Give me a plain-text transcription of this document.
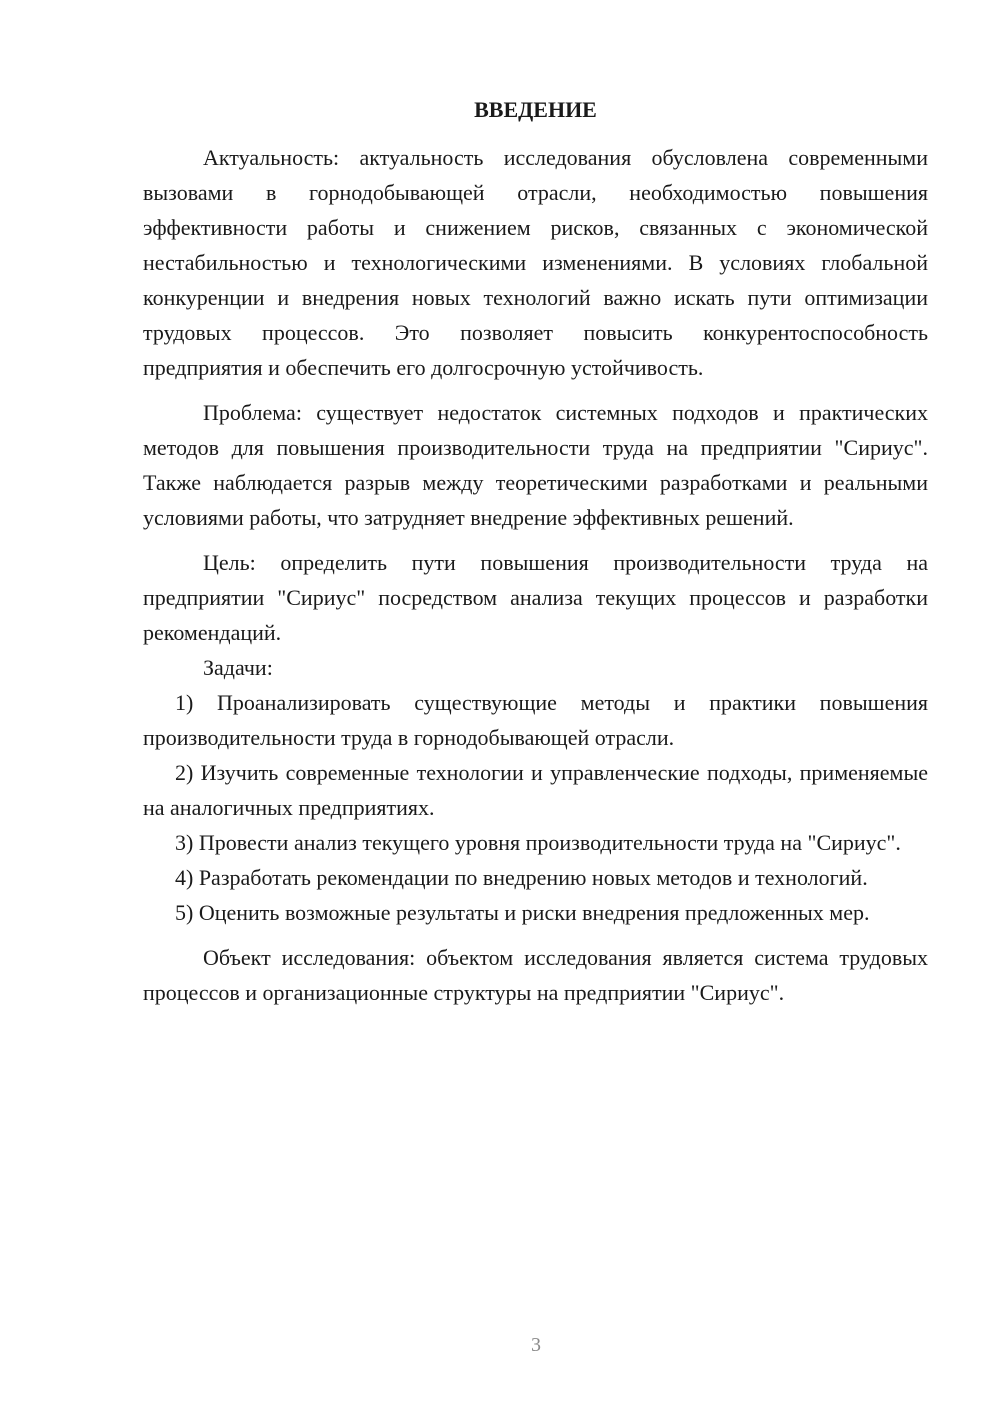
ВВЕДЕНИЕ

Актуальность: актуальность исследования обусловлена современными вызовами в горнодобывающей отрасли, необходимостью повышения эффективности работы и снижением рисков, связанных с экономической нестабильностью и технологическими изменениями. В условиях глобальной конкуренции и внедрения новых технологий важно искать пути оптимизации трудовых процессов. Это позволяет повысить конкурентоспособность предприятия и обеспечить его долгосрочную устойчивость.

Проблема: существует недостаток системных подходов и практических методов для повышения производительности труда на предприятии "Сириус". Также наблюдается разрыв между теоретическими разработками и реальными условиями работы, что затрудняет внедрение эффективных решений.

Цель: определить пути повышения производительности труда на предприятии "Сириус" посредством анализа текущих процессов и разработки рекомендаций.

Задачи:

1) Проанализировать существующие методы и практики повышения производительности труда в горнодобывающей отрасли.

2) Изучить современные технологии и управленческие подходы, применяемые на аналогичных предприятиях.

3) Провести анализ текущего уровня производительности труда на "Сириус".

4) Разработать рекомендации по внедрению новых методов и технологий.

5) Оценить возможные результаты и риски внедрения предложенных мер.

Объект исследования: объектом исследования является система трудовых процессов и организационные структуры на предприятии "Сириус".

3
